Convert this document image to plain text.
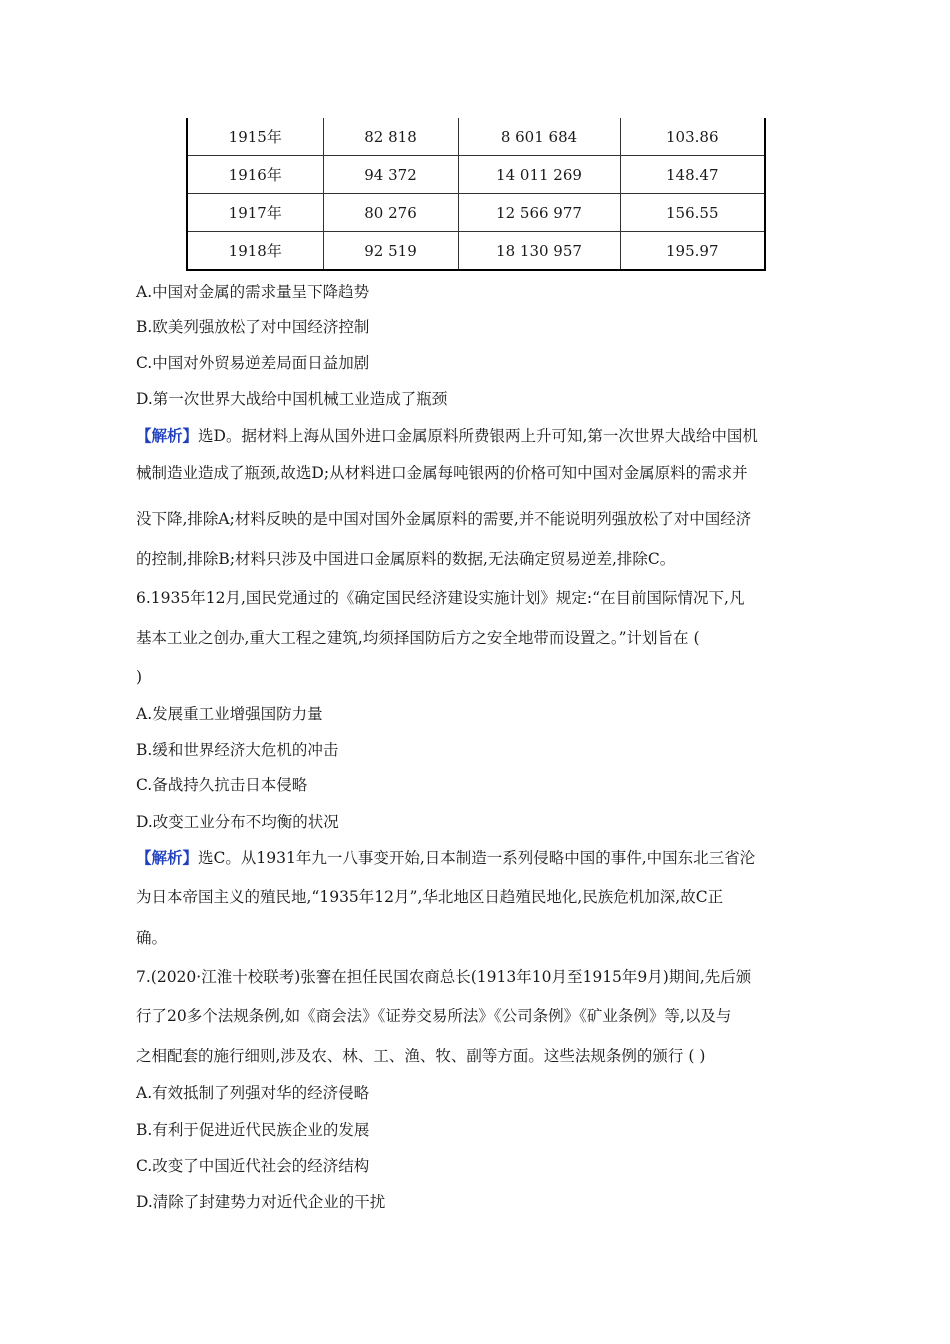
1915年	82 818	8 601 684	103.86
1916年	94 372	14 011 269	148.47
1917年	80 276	12 566 977	156.55
1918年	92 519	18 130 957	195.97
A.中国对金属的需求量呈下降趋势
B.欧美列强放松了对中国经济控制
C.中国对外贸易逆差局面日益加剧
D.第一次世界大战给中国机械工业造成了瓶颈
【解析】选D。据材料上海从国外进口金属原料所费银两上升可知,第一次世界大战给中国机
械制造业造成了瓶颈,故选D;从材料进口金属每吨银两的价格可知中国对金属原料的需求并
没下降,排除A;材料反映的是中国对国外金属原料的需要,并不能说明列强放松了对中国经济
的控制,排除B;材料只涉及中国进口金属原料的数据,无法确定贸易逆差,排除C。
6.1935年12月,国民党通过的《确定国民经济建设实施计划》规定:“在目前国际情况下,凡
基本工业之创办,重大工程之建筑,均须择国防后方之安全地带而设置之。”计划旨在 (
)
A.发展重工业增强国防力量
B.缓和世界经济大危机的冲击
C.备战持久抗击日本侵略
D.改变工业分布不均衡的状况
【解析】选C。从1931年九一八事变开始,日本制造一系列侵略中国的事件,中国东北三省沦
为日本帝国主义的殖民地,“1935年12月”,华北地区日趋殖民地化,民族危机加深,故C正
确。
7.(2020·江淮十校联考)张謇在担任民国农商总长(1913年10月至1915年9月)期间,先后颁
行了20多个法规条例,如《商会法》《证券交易所法》《公司条例》《矿业条例》等,以及与
之相配套的施行细则,涉及农、林、工、渔、牧、副等方面。这些法规条例的颁行 ( )
A.有效抵制了列强对华的经济侵略
B.有利于促进近代民族企业的发展
C.改变了中国近代社会的经济结构
D.清除了封建势力对近代企业的干扰
